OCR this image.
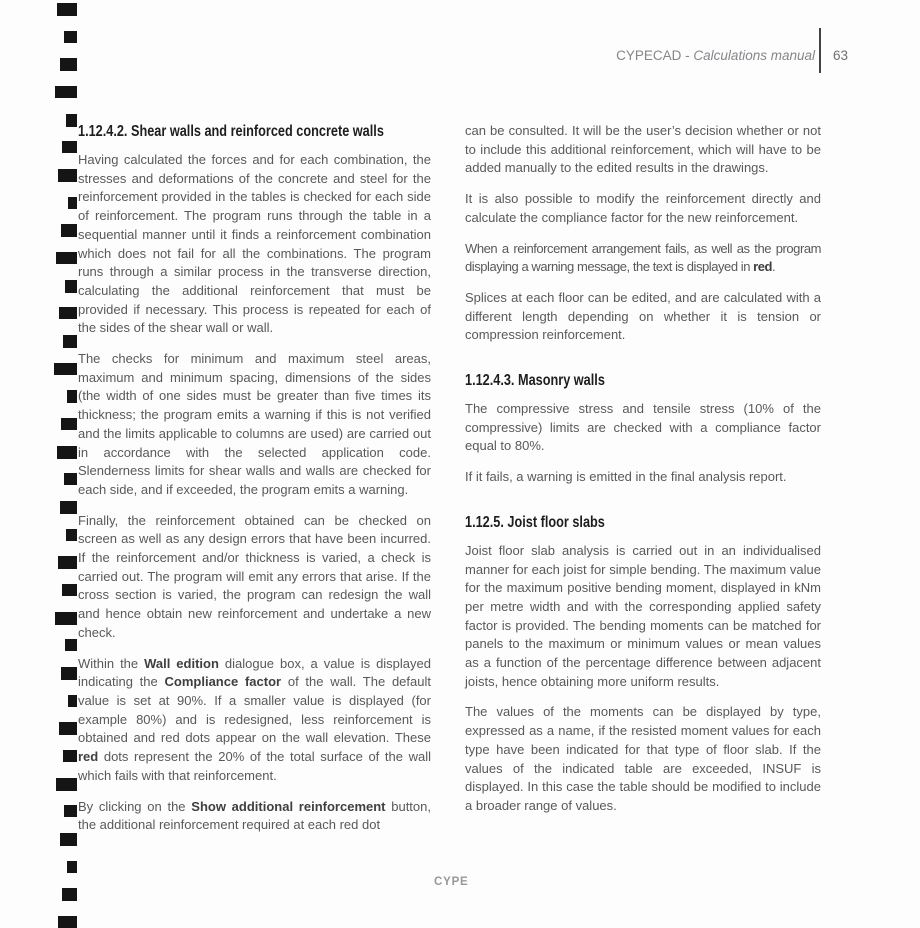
CYPECAD - Calculations manual 63
1.12.4.2. Shear walls and reinforced concrete walls

Having calculated the forces and for each combination, the stresses and deformations of the concrete and steel for the reinforcement provided in the tables is checked for each side of reinforcement. The program runs through the table in a sequential manner until it finds a reinforcement combination which does not fail for all the combinations. The program runs through a similar process in the transverse direction, calculating the additional reinforcement that must be provided if necessary. This process is repeated for each of the sides of the shear wall or wall.

The checks for minimum and maximum steel areas, maximum and minimum spacing, dimensions of the sides (the width of one sides must be greater than five times its thickness; the program emits a warning if this is not verified and the limits applicable to columns are used) are carried out in accordance with the selected application code. Slenderness limits for shear walls and walls are checked for each side, and if exceeded, the program emits a warning.

Finally, the reinforcement obtained can be checked on screen as well as any design errors that have been incurred. If the reinforcement and/or thickness is varied, a check is carried out. The program will emit any errors that arise. If the cross section is varied, the program can redesign the wall and hence obtain new reinforcement and undertake a new check.

Within the Wall edition dialogue box, a value is displayed indicating the Compliance factor of the wall. The default value is set at 90%. If a smaller value is displayed (for example 80%) and is redesigned, less reinforcement is obtained and red dots appear on the wall elevation. These red dots represent the 20% of the total surface of the wall which fails with that reinforcement.

By clicking on the Show additional reinforcement button, the additional reinforcement required at each red dot

can be consulted. It will be the user’s decision whether or not to include this additional reinforcement, which will have to be added manually to the edited results in the drawings.

It is also possible to modify the reinforcement directly and calculate the compliance factor for the new reinforcement.

When a reinforcement arrangement fails, as well as the program displaying a warning message, the text is displayed in red.

Splices at each floor can be edited, and are calculated with a different length depending on whether it is tension or compression reinforcement.

1.12.4.3. Masonry walls

The compressive stress and tensile stress (10% of the compressive) limits are checked with a compliance factor equal to 80%.

If it fails, a warning is emitted in the final analysis report.

1.12.5. Joist floor slabs

Joist floor slab analysis is carried out in an individualised manner for each joist for simple bending. The maximum value for the maximum positive bending moment, displayed in kNm per metre width and with the corresponding applied safety factor is provided. The bending moments can be matched for panels to the maximum or minimum values or mean values as a function of the percentage difference between adjacent joists, hence obtaining more uniform results.

The values of the moments can be displayed by type, expressed as a name, if the resisted moment values for each type have been indicated for that type of floor slab. If the values of the indicated table are exceeded, INSUF is displayed. In this case the table should be modified to include a broader range of values.

CYPE
